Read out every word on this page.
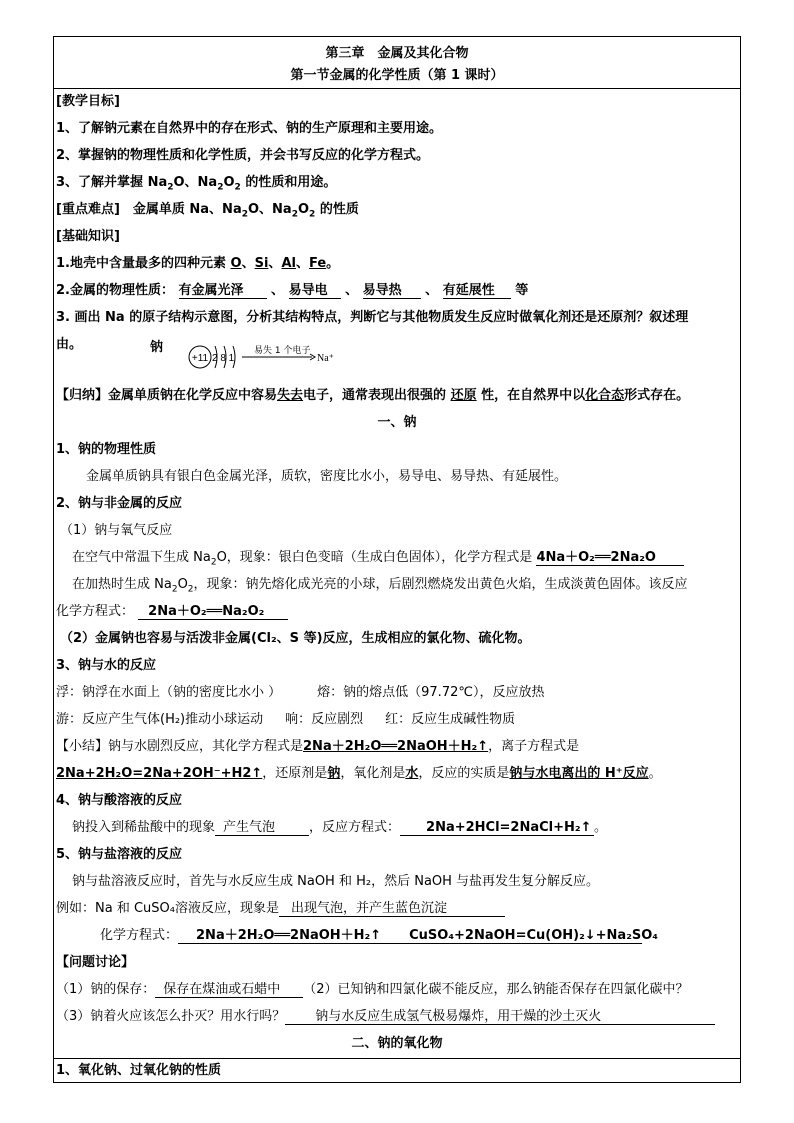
第三章　金属及其化合物
第一节金属的化学性质（第 1 课时）
[教学目标]
1、了解钠元素在自然界中的存在形式、钠的生产原理和主要用途。
2、掌握钠的物理性质和化学性质，并会书写反应的化学方程式。
3、了解并掌握 $Na_2O$、$Na_2O_2$ 的性质和用途。
[重点难点]　金属单质 Na、$Na_2O$、$Na_2O_2$ 的性质
[基础知识]
1.地壳中含量最多的四种元素 O、Si、Al、Fe。
2.金属的物理性质： 有金属光泽 、 易导电 、 易导热 、 有延展性 等
3. 画出 Na 的原子结构示意图，分析其结构特点，判断它与其他物质发生反应时做氧化剂还是还原剂？叙述理
由。	钠
+11 2 8 1
易失 1 个电子
Na⁺
【归纳】金属单质钠在化学反应中容易失去电子，通常表现出很强的 还原 性，在自然界中以化合态形式存在。
一、钠
1、钠的物理性质
金属单质钠具有银白色金属光泽，质软，密度比水小，易导电、易导热、有延展性。
2、钠与非金属的反应
（1）钠与氧气反应
在空气中常温下生成 $Na_2O$，现象：银白色变暗（生成白色固体），化学方程式是 4Na＋O₂══2Na₂O
在加热时生成 $Na_2O_2$，现象：钠先熔化成光亮的小球，后剧烈燃烧发出黄色火焰，生成淡黄色固体。该反应
化学方程式： 2Na＋O₂══Na₂O₂
（2）金属钠也容易与活泼非金属(Cl₂、S 等)反应，生成相应的氯化物、硫化物。
3、钠与水的反应
浮：钠浮在水面上（钠的密度比水小 ）	熔：钠的熔点低（97.72℃），反应放热
游：反应产生气体(H₂)推动小球运动 响：反应剧烈 红：反应生成碱性物质
【小结】钠与水剧烈反应，其化学方程式是2Na＋2H₂O══2NaOH＋H₂↑，离子方程式是
2Na+2H₂O=2Na+2OH⁻+H2↑，还原剂是钠，氧化剂是水，反应的实质是钠与水电离出的 H⁺反应。
4、钠与酸溶液的反应
钠投入到稀盐酸中的现象 产生气泡	，反应方程式： 2Na+2HCl=2NaCl+H₂↑ 。
5、钠与盐溶液的反应
钠与盐溶液反应时，首先与水反应生成 NaOH 和 H₂，然后 NaOH 与盐再发生复分解反应。
例如：Na 和 CuSO₄溶液反应，现象是 出现气泡，并产生蓝色沉淀
化学方程式： 2Na＋2H₂O══2NaOH＋H₂↑ CuSO₄+2NaOH=Cu(OH)₂↓+Na₂SO₄
【问题讨论】
（1）钠的保存： 保存在煤油或石蜡中 （2）已知钠和四氯化碳不能反应，那么钠能否保存在四氯化碳中？
（3）钠着火应该怎么扑灭？用水行吗？ 钠与水反应生成氢气极易爆炸，用干燥的沙土灭火
二、钠的氧化物
1、氧化钠、过氧化钠的性质
